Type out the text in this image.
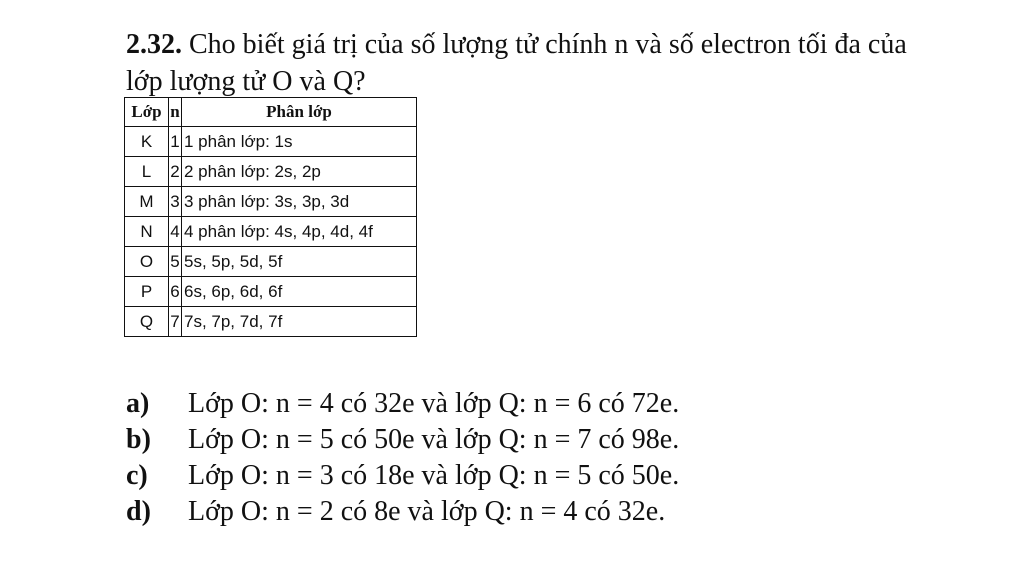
2.32. Cho biết giá trị của số lượng tử chính n và số electron tối đa của lớp lượng tử O và Q?
Lớp	n	Phân lớp
K	1	1 phân lớp: 1s
L	2	2 phân lớp: 2s, 2p
M	3	3 phân lớp: 3s, 3p, 3d
N	4	4 phân lớp: 4s, 4p, 4d, 4f
O	5	5s, 5p, 5d, 5f
P	6	6s, 6p, 6d, 6f
Q	7	7s, 7p, 7d, 7f
a)	Lớp O: n = 4 có 32e và lớp Q: n = 6 có 72e.
b)	Lớp O: n = 5 có 50e và lớp Q: n = 7 có 98e.
c)	Lớp O: n = 3 có 18e và lớp Q: n = 5 có 50e.
d)	Lớp O: n = 2 có 8e và lớp Q: n = 4 có 32e.
